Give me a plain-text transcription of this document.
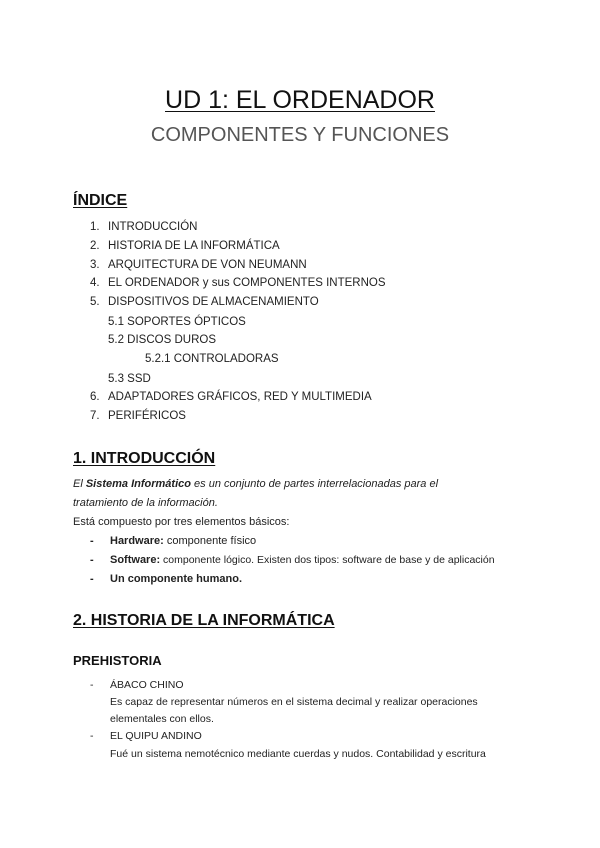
UD 1: EL ORDENADOR
COMPONENTES Y FUNCIONES
ÍNDICE
1. INTRODUCCIÓN
2. HISTORIA DE LA INFORMÁTICA
3. ARQUITECTURA DE VON NEUMANN
4. EL ORDENADOR y sus COMPONENTES INTERNOS
5. DISPOSITIVOS DE ALMACENAMIENTO
5.1 SOPORTES ÓPTICOS
5.2 DISCOS DUROS
5.2.1 CONTROLADORAS
5.3 SSD
6. ADAPTADORES GRÁFICOS, RED Y MULTIMEDIA
7. PERIFÉRICOS
1. INTRODUCCIÓN
El Sistema Informático es un conjunto de partes interrelacionadas para el
tratamiento de la información.
Está compuesto por tres elementos básicos:
- Hardware: componente físico
- Software: componente lógico. Existen dos tipos: software de base y de aplicación
- Un componente humano.
2. HISTORIA DE LA INFORMÁTICA
PREHISTORIA
- ÁBACO CHINO
Es capaz de representar números en el sistema decimal y realizar operaciones
elementales con ellos.
- EL QUIPU ANDINO
Fué un sistema nemotécnico mediante cuerdas y nudos. Contabilidad y escritura
